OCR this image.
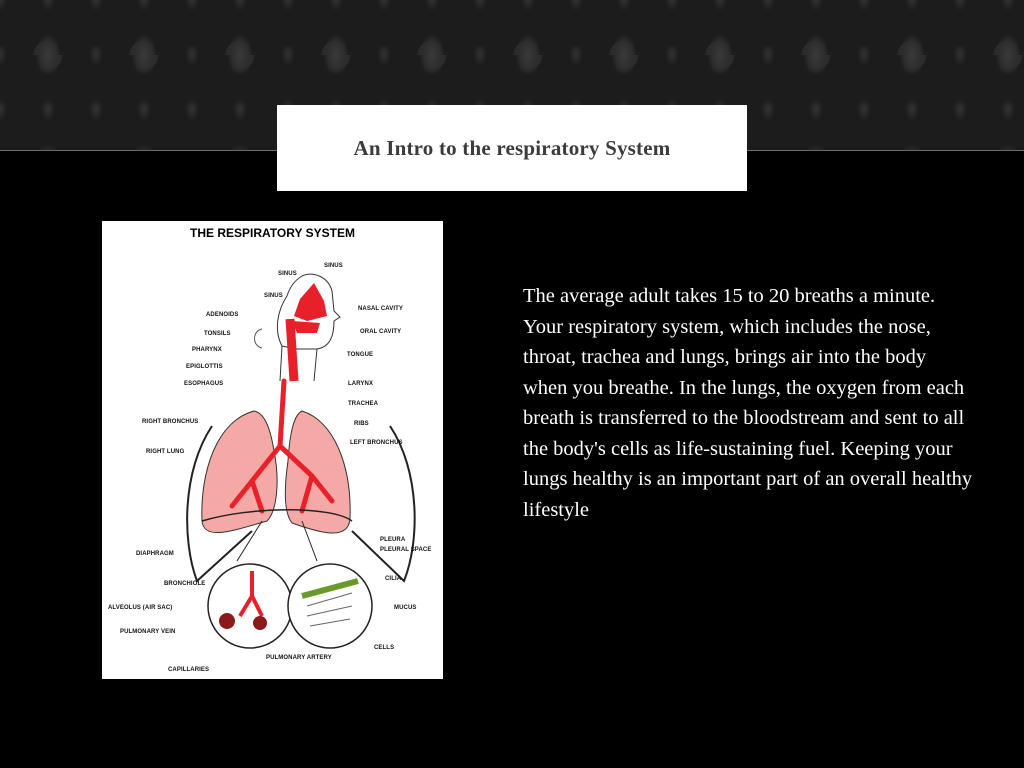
An Intro to the respiratory System
THE RESPIRATORY SYSTEM
SINUS
SINUS
SINUS
ADENOIDS
TONSILS
PHARYNX
EPIGLOTTIS
ESOPHAGUS
NASAL CAVITY
ORAL CAVITY
TONGUE
LARYNX
TRACHEA
RIBS
LEFT BRONCHUS
RIGHT BRONCHUS
RIGHT LUNG
DIAPHRAGM
PLEURA
PLEURAL SPACE
BRONCHIOLE
ALVEOLUS (AIR SAC)
PULMONARY VEIN
CAPILLARIES
PULMONARY ARTERY
CILIA
MUCUS
CELLS
The average adult takes 15 to 20 breaths a minute. Your respiratory system, which includes the nose, throat, trachea and lungs, brings air into the body when you breathe. In the lungs, the oxygen from each breath is transferred to the bloodstream and sent to all the body's cells as life-sustaining fuel. Keeping your lungs healthy is an important part of an overall healthy lifestyle
